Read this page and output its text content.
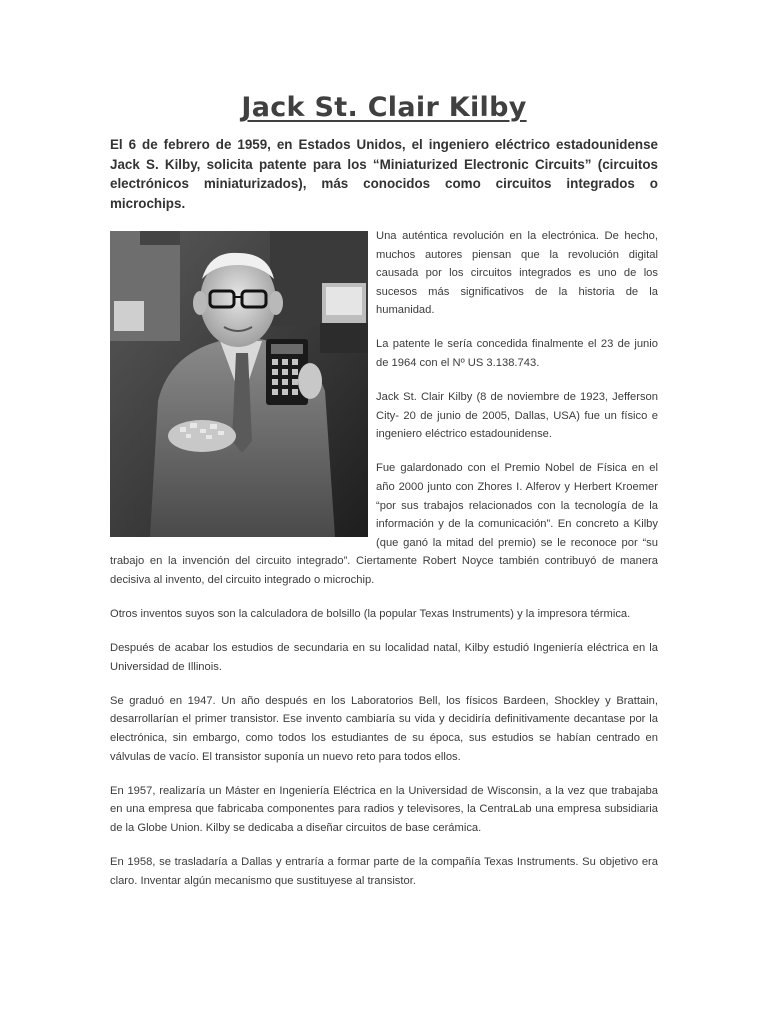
Jack St. Clair Kilby
El 6 de febrero de 1959, en Estados Unidos, el ingeniero eléctrico estadounidense Jack S. Kilby, solicita patente para los “Miniaturized Electronic Circuits” (circuitos electrónicos miniaturizados), más conocidos como circuitos integrados o microchips.

Una auténtica revolución en la electrónica. De hecho, muchos autores piensan que la revolución digital causada por los circuitos integrados es uno de los sucesos más significativos de la historia de la humanidad.

La patente le sería concedida finalmente el 23 de junio de 1964 con el Nº US 3.138.743.

Jack St. Clair Kilby (8 de noviembre de 1923, Jefferson City- 20 de junio de 2005, Dallas, USA) fue un físico e ingeniero eléctrico estadounidense.

Fue galardonado con el Premio Nobel de Física en el año 2000 junto con Zhores I. Alferov y Herbert Kroemer “por sus trabajos relacionados con la tecnología de la información y de la comunicación”. En concreto a Kilby (que ganó la mitad del premio) se le reconoce por “su trabajo en la invención del circuito integrado”. Ciertamente Robert Noyce también contribuyó de manera decisiva al invento, del circuito integrado o microchip.

Otros inventos suyos son la calculadora de bolsillo (la popular Texas Instruments) y la impresora térmica.

Después de acabar los estudios de secundaria en su localidad natal, Kilby estudió Ingeniería eléctrica en la Universidad de Illinois.

Se graduó en 1947. Un año después en los Laboratorios Bell, los físicos Bardeen, Shockley y Brattain, desarrollarían el primer transistor. Ese invento cambiaría su vida y decidiría definitivamente decantase por la electrónica, sin embargo, como todos los estudiantes de su época, sus estudios se habían centrado en válvulas de vacío. El transistor suponía un nuevo reto para todos ellos.

En 1957, realizaría un Máster en Ingeniería Eléctrica en la Universidad de Wisconsin, a la vez que trabajaba en una empresa que fabricaba componentes para radios y televisores, la CentraLab una empresa subsidiaria de la Globe Union. Kilby se dedicaba a diseñar circuitos de base cerámica.

En 1958, se trasladaría a Dallas y entraría a formar parte de la compañía Texas Instruments. Su objetivo era claro. Inventar algún mecanismo que sustituyese al transistor.
